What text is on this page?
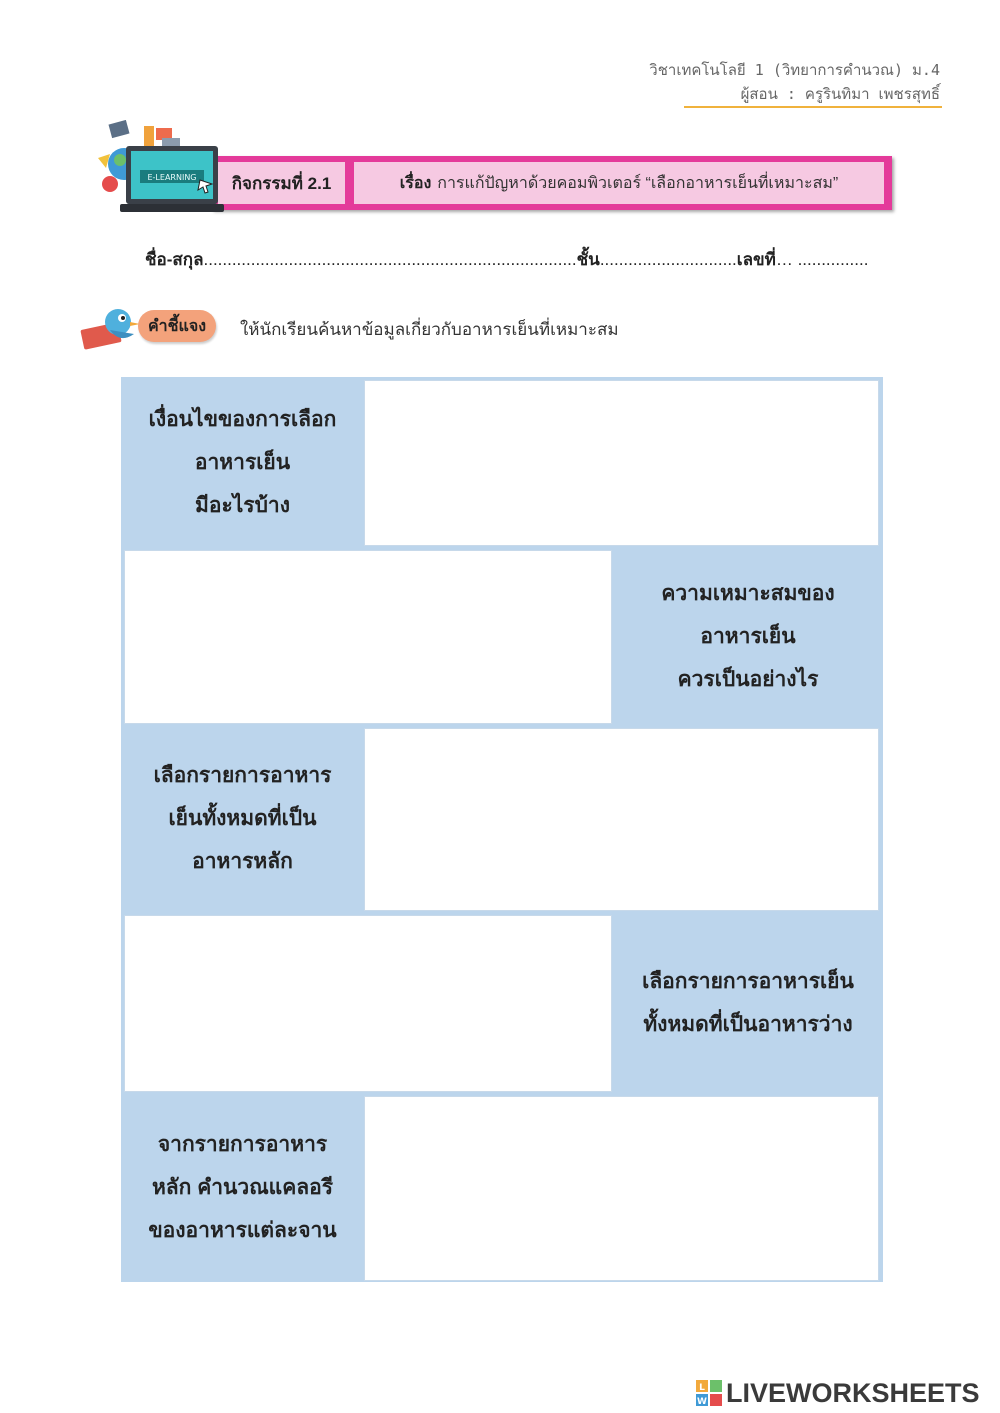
วิชาเทคโนโลยี 1 (วิทยาการคำนวณ) ม.4
ผู้สอน : ครูรินทิมา เพชรสุทธิ์
กิจกรรมที่ 2.1	เรื่อง การแก้ปัญหาด้วยคอมพิวเตอร์ “เลือกอาหารเย็นที่เหมาะสม”
E-LEARNING
ชื่อ-สกุล...............................................................................ชั้น.............................เลขที่… ...............
คำชี้แจง	ให้นักเรียนค้นหาข้อมูลเกี่ยวกับอาหารเย็นที่เหมาะสม
เงื่อนไขของการเลือก
อาหารเย็น
มีอะไรบ้าง
ความเหมาะสมของ
อาหารเย็น
ควรเป็นอย่างไร
เลือกรายการอาหาร
เย็นทั้งหมดที่เป็น
อาหารหลัก
เลือกรายการอาหารเย็น
ทั้งหมดที่เป็นอาหารว่าง
จากรายการอาหาร
หลัก คำนวณแคลอรี
ของอาหารแต่ละจาน
L
W LIVEWORKSHEETS
